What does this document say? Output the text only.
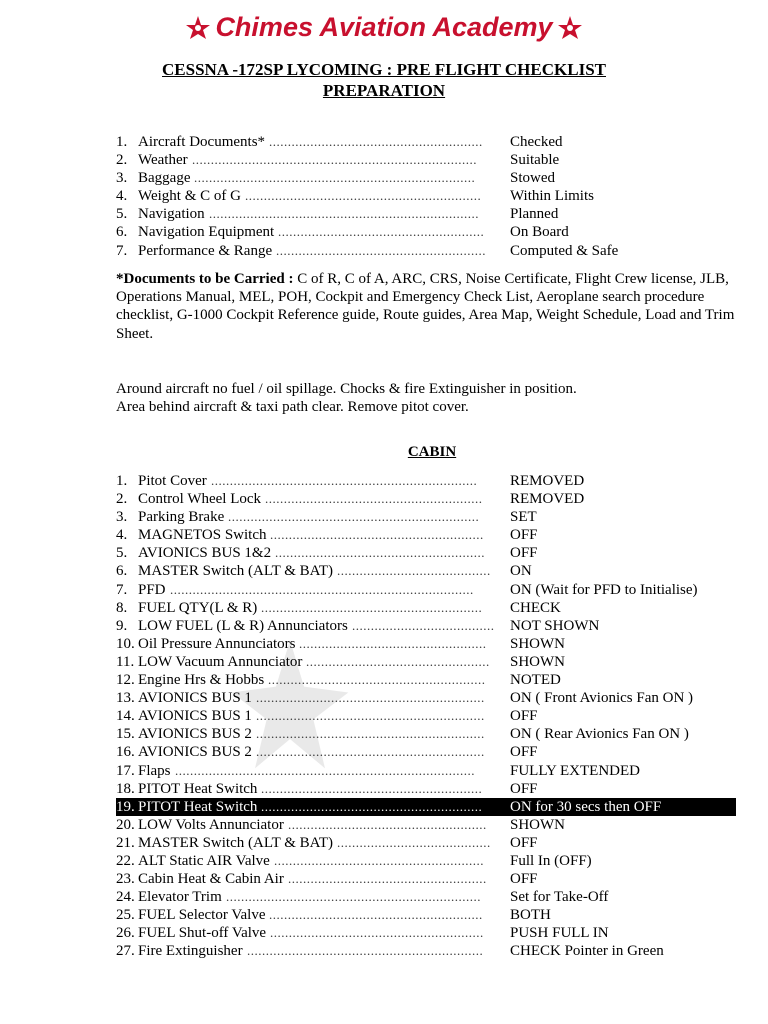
Chimes Aviation Academy
CESSNA -172SP LYCOMING : PRE FLIGHT CHECKLIST
PREPARATION
1. Aircraft Documents* .........................................................	Checked
2. Weather ............................................................................	Suitable
3. Baggage ...........................................................................	Stowed
4. Weight & C of G ...............................................................	Within Limits
5. Navigation ........................................................................	Planned
6. Navigation Equipment .......................................................	On Board
7. Performance & Range ........................................................	Computed & Safe
*Documents to be Carried : C of R, C of A, ARC, CRS, Noise Certificate, Flight Crew license, JLB, Operations Manual, MEL, POH, Cockpit and Emergency Check List, Aeroplane search procedure checklist, G-1000 Cockpit Reference guide, Route guides, Area Map, Weight Schedule, Load and Trim Sheet.
Around aircraft no fuel / oil spillage. Chocks & fire Extinguisher in position.
Area behind aircraft & taxi path clear. Remove pitot cover.
CABIN
1. Pitot Cover .......................................................................	REMOVED
2. Control Wheel Lock ..........................................................	REMOVED
3. Parking Brake ...................................................................	SET
4. MAGNETOS Switch .........................................................	OFF
5. AVIONICS BUS 1&2 ........................................................	OFF
6. MASTER Switch (ALT & BAT) .........................................	ON
7. PFD .................................................................................	ON (Wait for PFD to Initialise)
8. FUEL QTY(L & R) ...........................................................	CHECK
9. LOW FUEL (L & R) Annunciators ......................................	NOT SHOWN
10. Oil Pressure Annunciators ..................................................	SHOWN
11. LOW Vacuum Annunciator .................................................	SHOWN
12. Engine Hrs & Hobbs ..........................................................	NOTED
13. AVIONICS BUS 1 .............................................................	ON ( Front Avionics Fan ON )
14. AVIONICS BUS 1 .............................................................	OFF
15. AVIONICS BUS 2 .............................................................	ON ( Rear Avionics Fan ON )
16. AVIONICS BUS 2 .............................................................	OFF
17. Flaps ................................................................................	FULLY EXTENDED
18. PITOT Heat Switch ...........................................................	OFF
19. PITOT Heat Switch ...........................................................	ON for 30 secs then OFF
20. LOW Volts Annunciator .....................................................	SHOWN
21. MASTER Switch (ALT & BAT) .........................................	OFF
22. ALT Static AIR Valve ........................................................	Full In (OFF)
23. Cabin Heat & Cabin Air .....................................................	OFF
24. Elevator Trim ....................................................................	Set for Take-Off
25. FUEL Selector Valve .........................................................	BOTH
26. FUEL Shut-off Valve .........................................................	PUSH FULL IN
27. Fire Extinguisher ...............................................................	CHECK Pointer in Green
